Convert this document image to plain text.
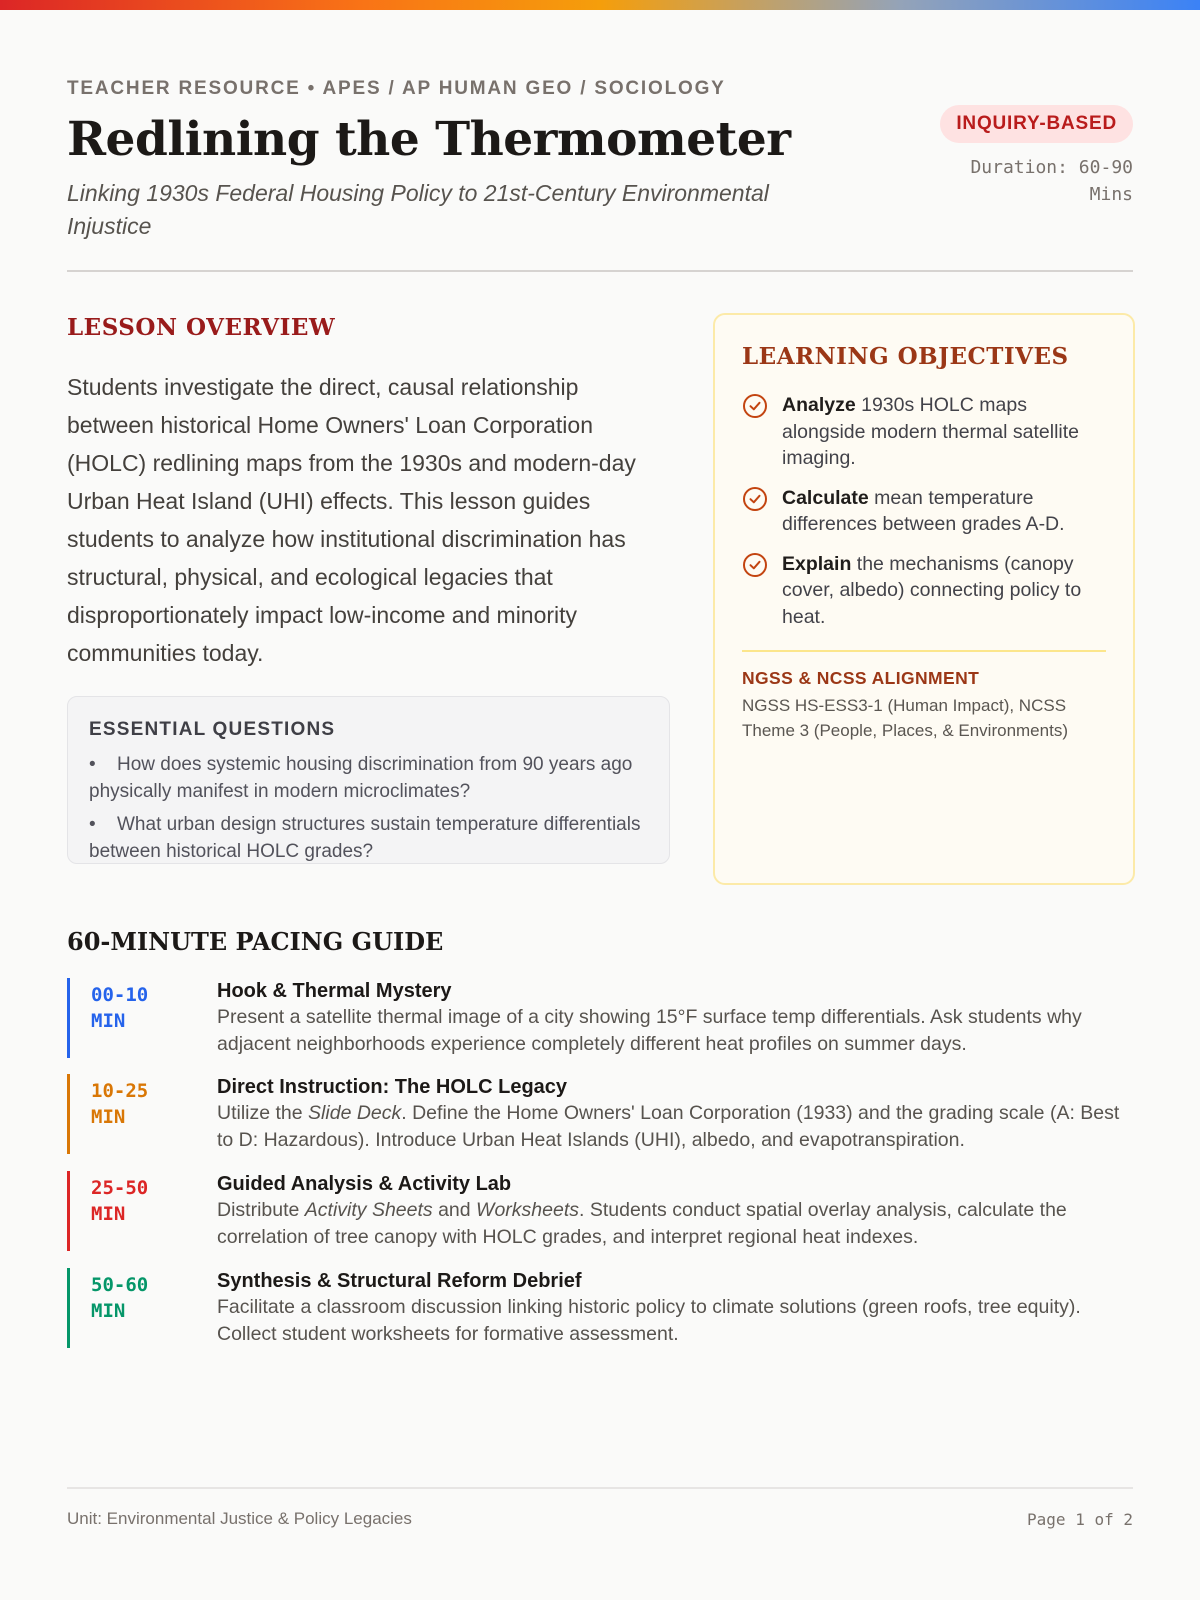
TEACHER RESOURCE • APES / AP HUMAN GEO / SOCIOLOGY
Redlining the Thermometer
Linking 1930s Federal Housing Policy to 21st-Century Environmental Injustice
INQUIRY-BASED
Duration: 60-90 Mins
LESSON OVERVIEW

Students investigate the direct, causal relationship between historical Home Owners' Loan Corporation (HOLC) redlining maps from the 1930s and modern-day Urban Heat Island (UHI) effects. This lesson guides students to analyze how institutional discrimination has structural, physical, and ecological legacies that disproportionately impact low-income and minority communities today.

ESSENTIAL QUESTIONS
• How does systemic housing discrimination from 90 years ago physically manifest in modern microclimates?
• What urban design structures sustain temperature differentials between historical HOLC grades?
LEARNING OBJECTIVES
Analyze 1930s HOLC maps alongside modern thermal satellite imaging.
Calculate mean temperature differences between grades A-D.
Explain the mechanisms (canopy cover, albedo) connecting policy to heat.
NGSS & NCSS ALIGNMENT
NGSS HS-ESS3-1 (Human Impact), NCSS Theme 3 (People, Places, & Environments)
60-MINUTE PACING GUIDE
00-10 MIN
Hook & Thermal Mystery
Present a satellite thermal image of a city showing 15°F surface temp differentials. Ask students why adjacent neighborhoods experience completely different heat profiles on summer days.
10-25 MIN
Direct Instruction: The HOLC Legacy
Utilize the Slide Deck. Define the Home Owners' Loan Corporation (1933) and the grading scale (A: Best to D: Hazardous). Introduce Urban Heat Islands (UHI), albedo, and evapotranspiration.
25-50 MIN
Guided Analysis & Activity Lab
Distribute Activity Sheets and Worksheets. Students conduct spatial overlay analysis, calculate the correlation of tree canopy with HOLC grades, and interpret regional heat indexes.
50-60 MIN
Synthesis & Structural Reform Debrief
Facilitate a classroom discussion linking historic policy to climate solutions (green roofs, tree equity). Collect student worksheets for formative assessment.
Unit: Environmental Justice & Policy Legacies	Page 1 of 2
